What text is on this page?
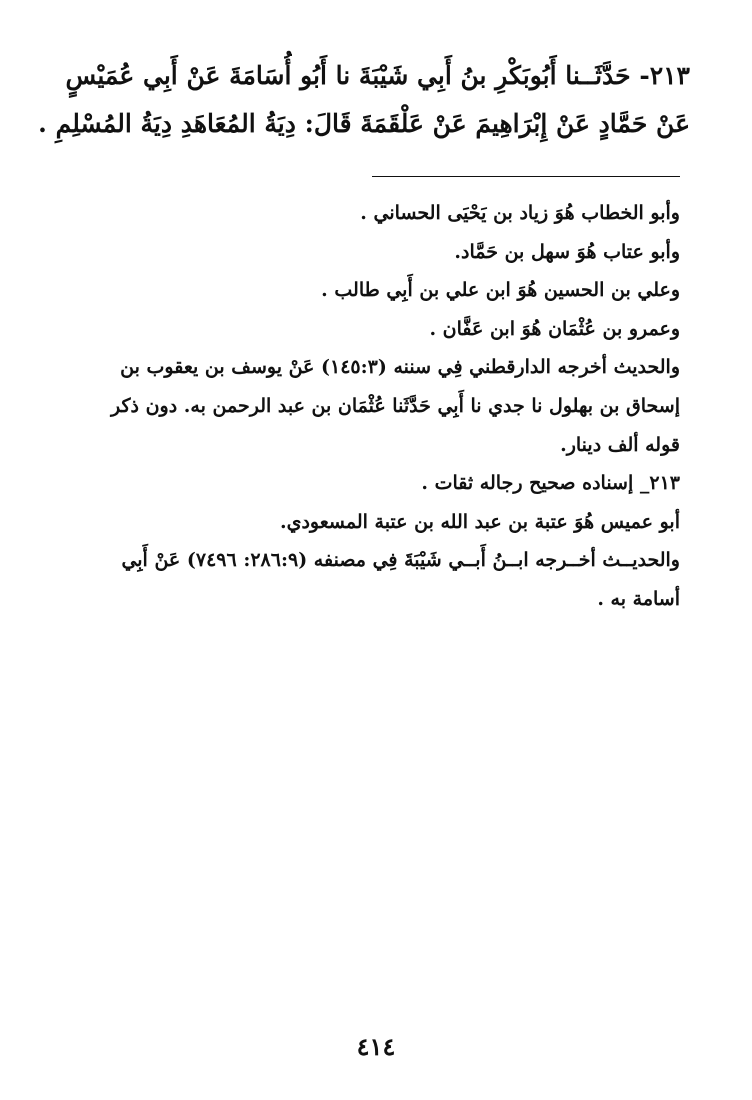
٢١٣- حَدَّثَــنا أَبُوبَكْرِ بنُ أَبِي شَيْبَةَ نا أَبُو أُسَامَةَ عَنْ أَبِي عُمَيْسٍ

عَنْ حَمَّادٍ عَنْ إِبْرَاهِيمَ عَنْ عَلْقَمَةَ قَالَ: دِيَةُ المُعَاهَدِ دِيَةُ المُسْلِمِ .

وأبو الخطاب هُوَ زياد بن يَحْيَى الحساني .

وأبو عتاب هُوَ سهل بن حَمَّاد.

وعلي بن الحسين هُوَ ابن علي بن أَبِي طالب .

وعمرو بن عُثْمَان هُوَ ابن عَفَّان .

والحديث أخرجه الدارقطني فِي سننه (١٤٥:٣) عَنْ يوسف بن يعقوب بن

إسحاق بن بهلول نا جدي نا أَبِي حَدَّثَنا عُثْمَان بن عبد الرحمن به. دون ذكر

قوله ألف دينار.

٢١٣_ إسناده صحيح رجاله ثقات .

أبو عميس هُوَ عتبة بن عبد الله بن عتبة المسعودي.

والحديــث أخــرجه ابــنُ أَبــي شَيْبَةَ فِي مصنفه (٢٨٦:٩: ٧٤٩٦) عَنْ أَبِي

أسامة به .

٤١٤
